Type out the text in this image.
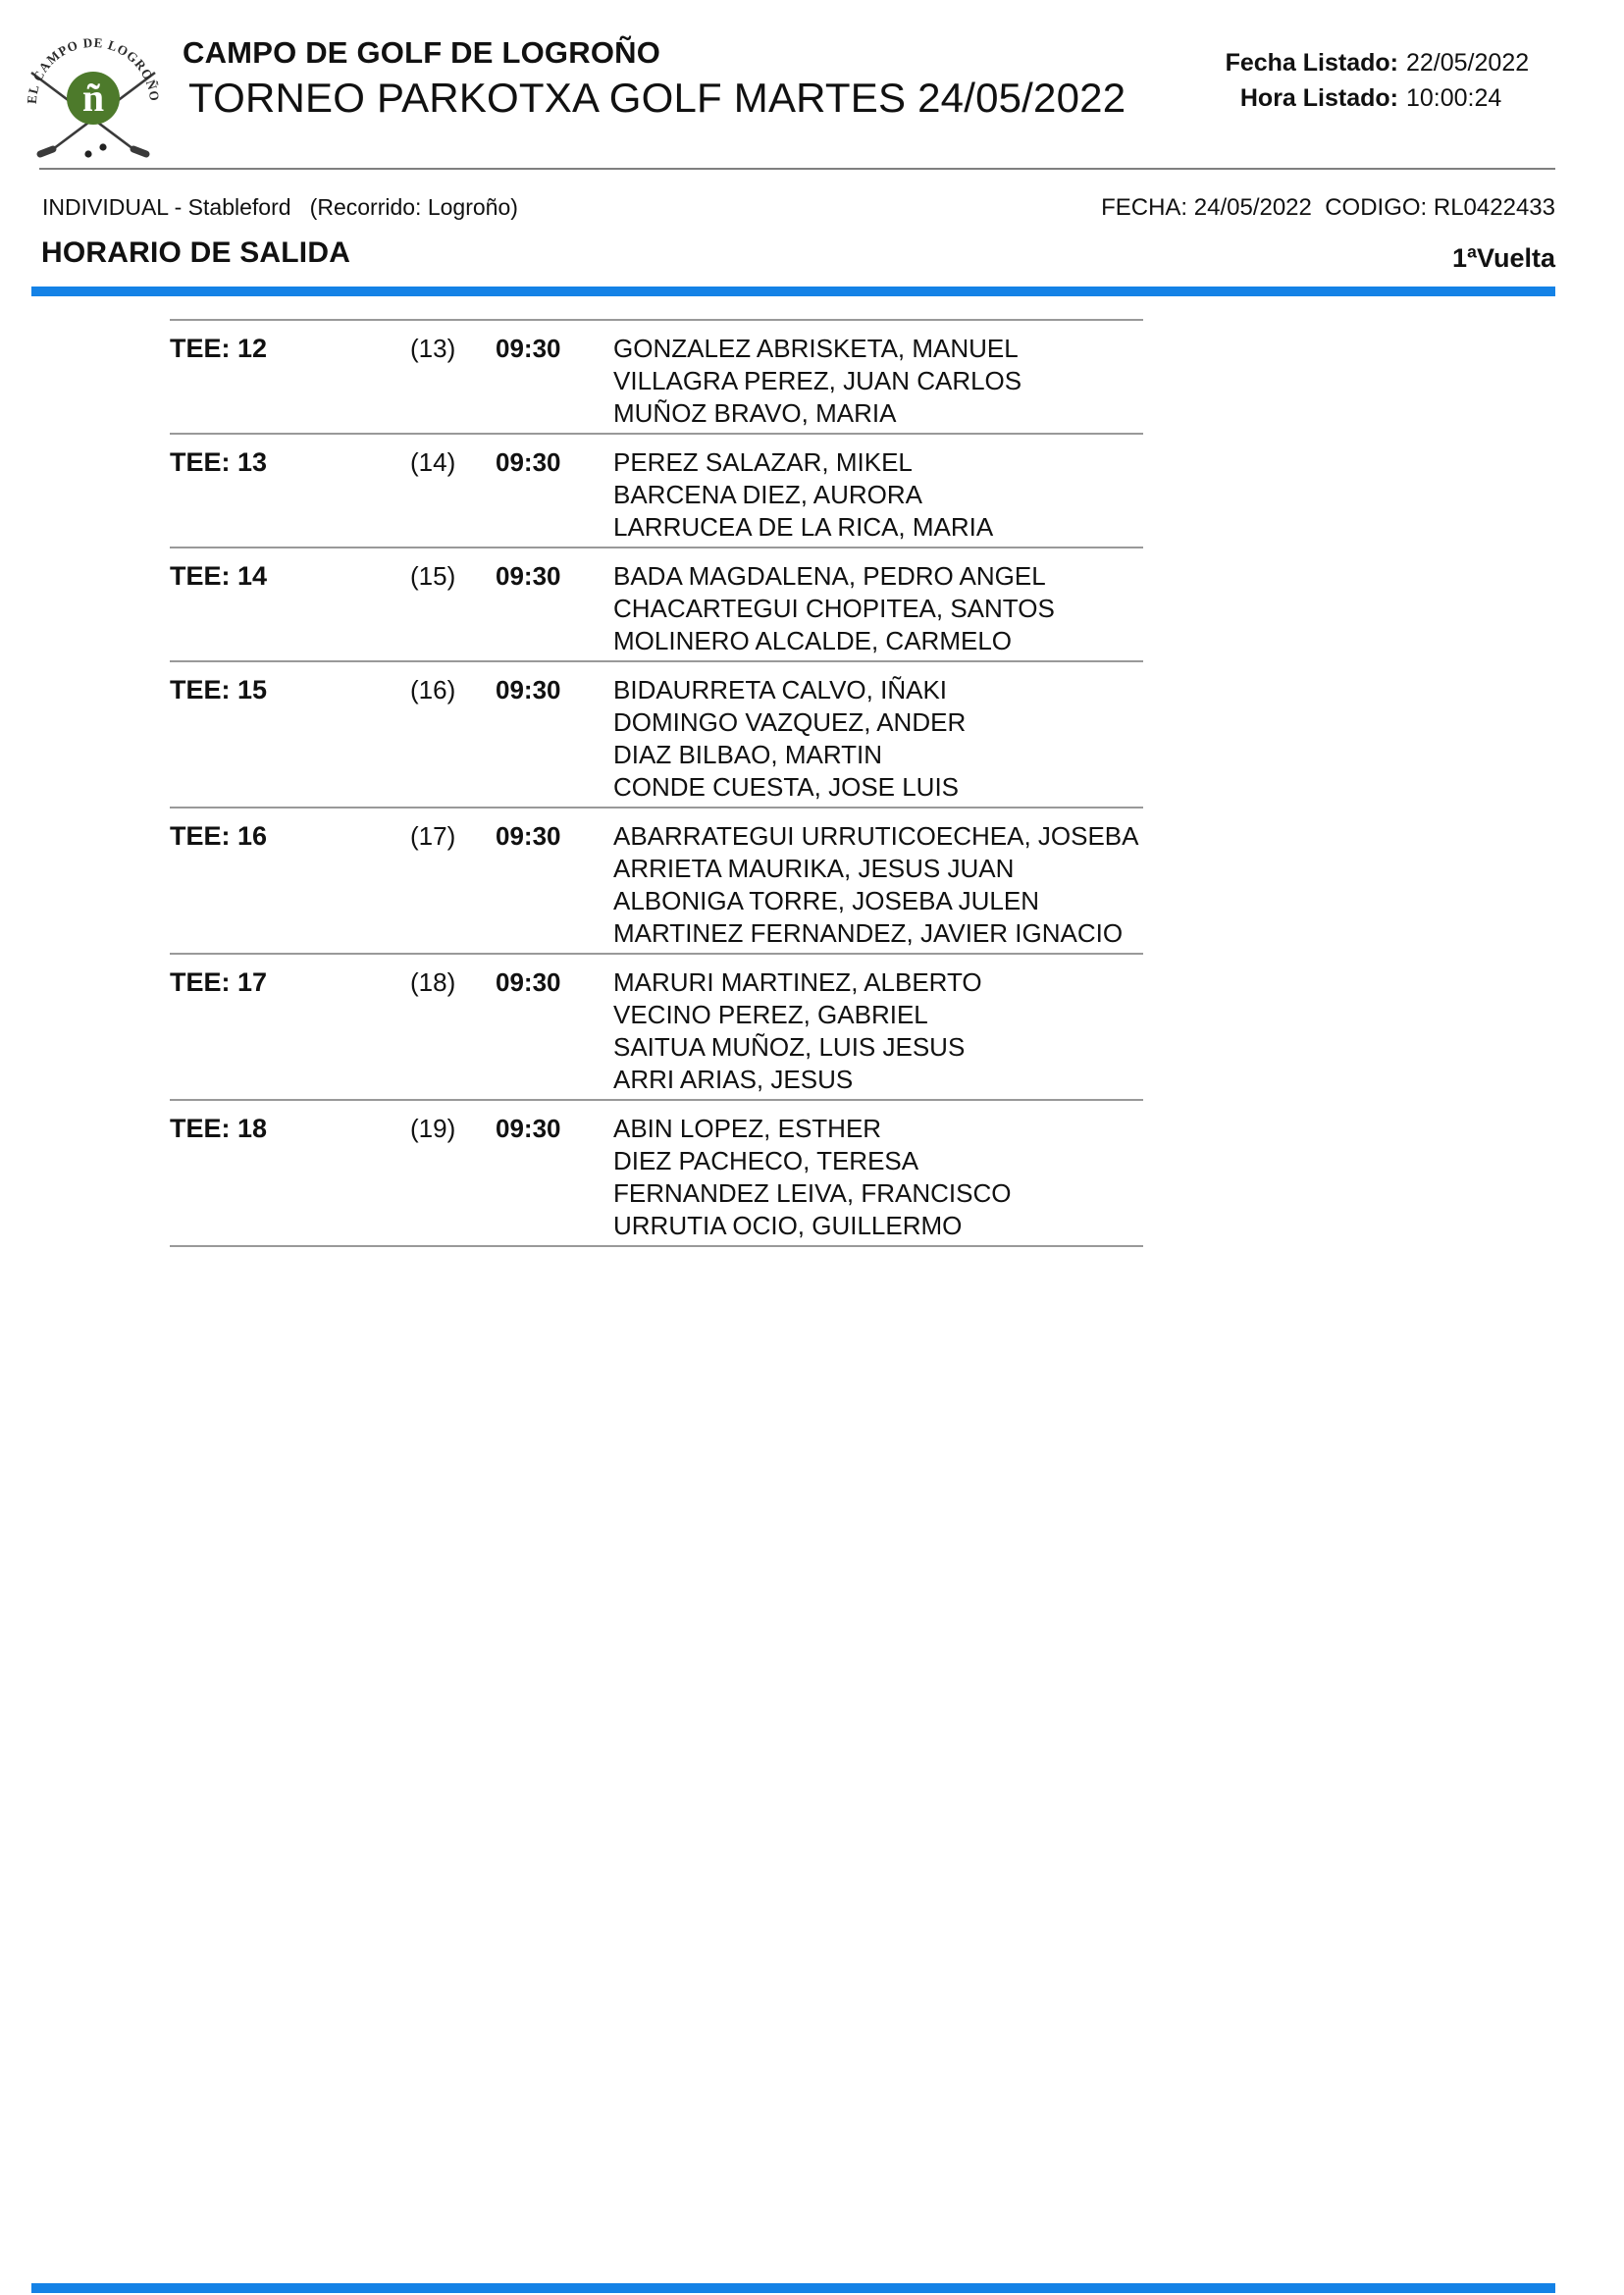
EL CAMPO DE LOGROÑO
ñ
CAMPO DE GOLF DE LOGROÑO
TORNEO PARKOTXA GOLF MARTES 24/05/2022
Fecha Listado: 22/05/2022
Hora Listado: 10:00:24
INDIVIDUAL - Stableford   (Recorrido: Logroño)	FECHA: 24/05/2022  CODIGO: RL0422433
HORARIO DE SALIDA	1ªVuelta
TEE: 12	(13)	09:30	GONZALEZ ABRISKETA, MANUEL
VILLAGRA PEREZ, JUAN CARLOS
MUÑOZ BRAVO, MARIA
TEE: 13	(14)	09:30	PEREZ SALAZAR, MIKEL
BARCENA DIEZ, AURORA
LARRUCEA DE LA RICA, MARIA
TEE: 14	(15)	09:30	BADA MAGDALENA, PEDRO ANGEL
CHACARTEGUI CHOPITEA, SANTOS
MOLINERO ALCALDE, CARMELO
TEE: 15	(16)	09:30	BIDAURRETA CALVO, IÑAKI
DOMINGO VAZQUEZ, ANDER
DIAZ BILBAO, MARTIN
CONDE CUESTA, JOSE LUIS
TEE: 16	(17)	09:30	ABARRATEGUI URRUTICOECHEA, JOSEBA
ARRIETA MAURIKA, JESUS JUAN
ALBONIGA TORRE, JOSEBA JULEN
MARTINEZ FERNANDEZ, JAVIER IGNACIO
TEE: 17	(18)	09:30	MARURI MARTINEZ, ALBERTO
VECINO PEREZ, GABRIEL
SAITUA MUÑOZ, LUIS JESUS
ARRI ARIAS, JESUS
TEE: 18	(19)	09:30	ABIN LOPEZ, ESTHER
DIEZ PACHECO, TERESA
FERNANDEZ LEIVA, FRANCISCO
URRUTIA OCIO, GUILLERMO
